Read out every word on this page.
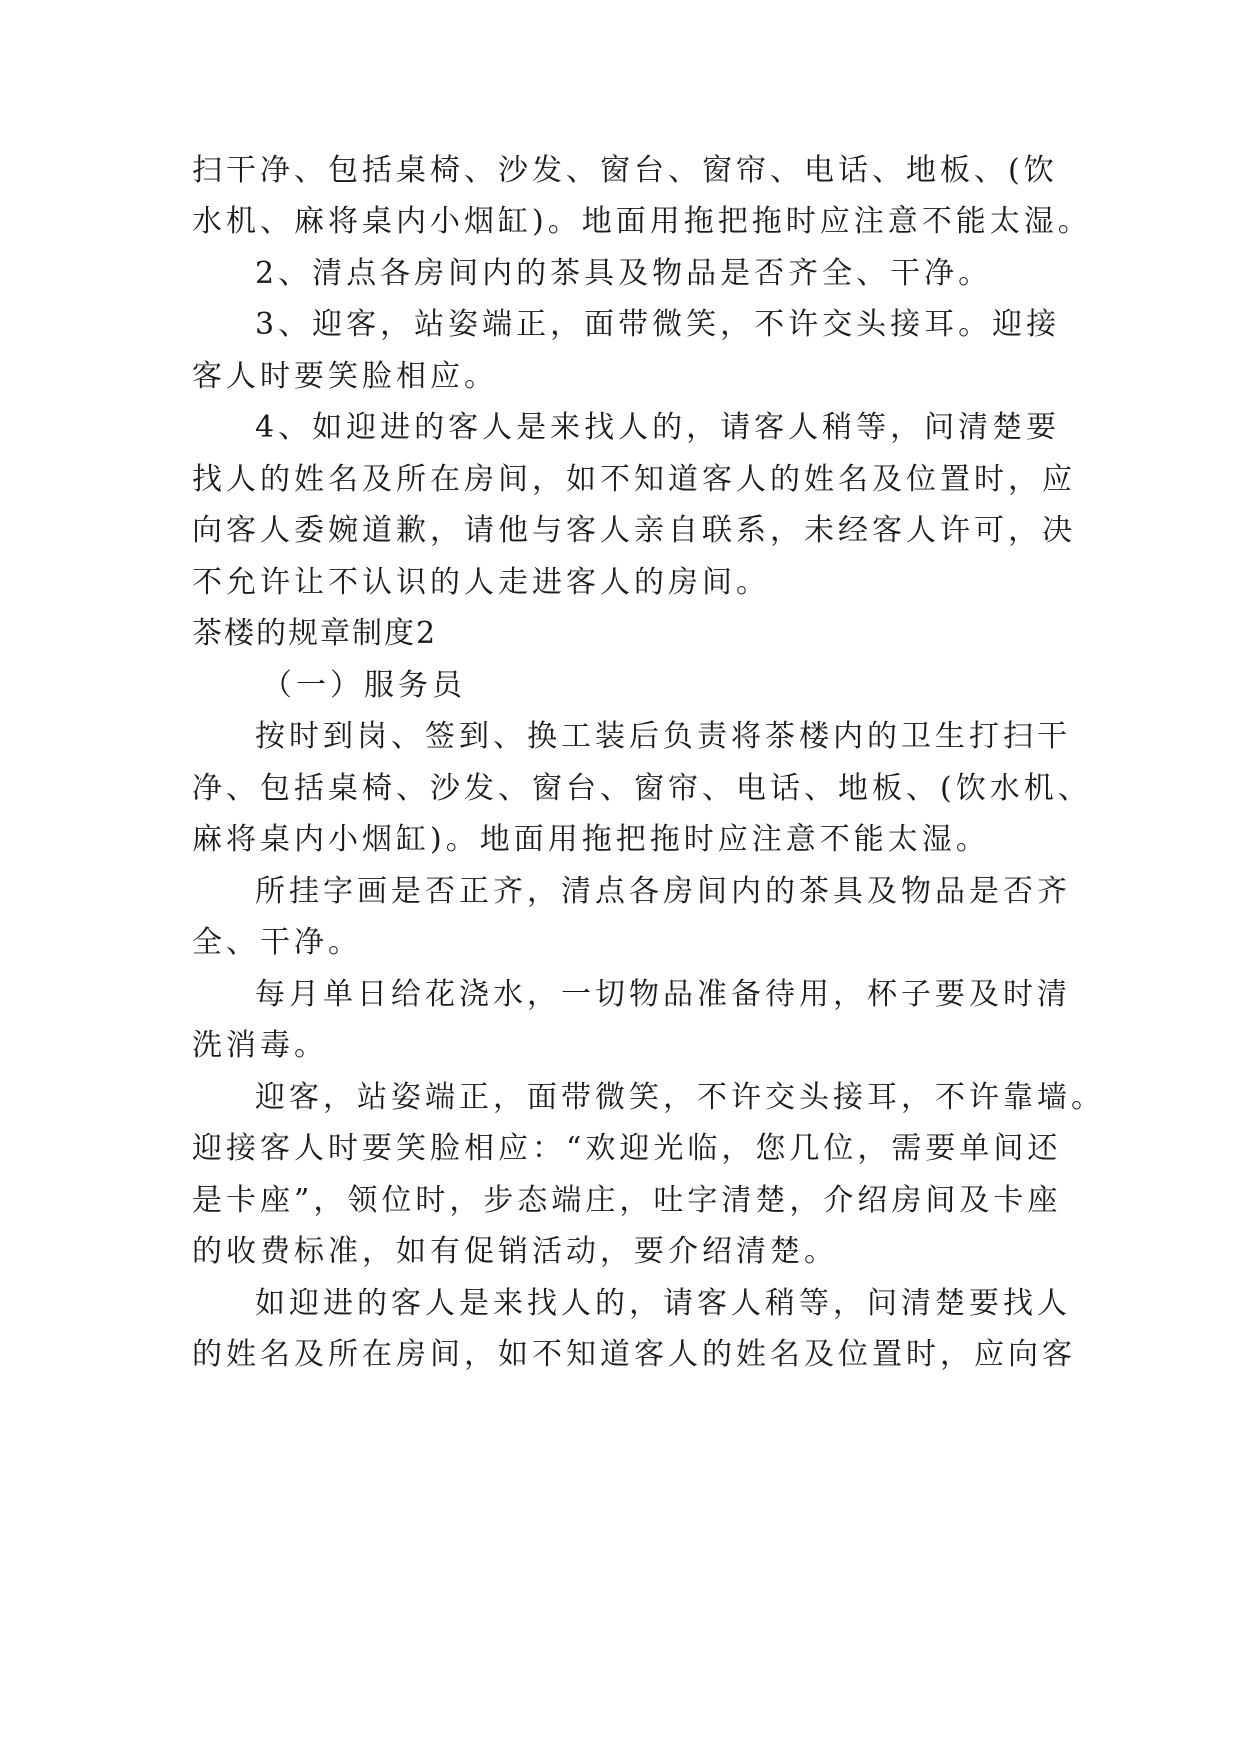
扫干净、包括桌椅、沙发、窗台、窗帘、电话、地板、(饮
水机、麻将桌内小烟缸)。地面用拖把拖时应注意不能太湿。
2、清点各房间内的茶具及物品是否齐全、干净。
3、迎客，站姿端正，面带微笑，不许交头接耳。迎接
客人时要笑脸相应。
4、如迎进的客人是来找人的，请客人稍等，问清楚要
找人的姓名及所在房间，如不知道客人的姓名及位置时，应
向客人委婉道歉，请他与客人亲自联系，未经客人许可，决
不允许让不认识的人走进客人的房间。
茶楼的规章制度2
（一）服务员
按时到岗、签到、换工装后负责将茶楼内的卫生打扫干
净、包括桌椅、沙发、窗台、窗帘、电话、地板、(饮水机、
麻将桌内小烟缸)。地面用拖把拖时应注意不能太湿。
所挂字画是否正齐，清点各房间内的茶具及物品是否齐
全、干净。
每月单日给花浇水，一切物品准备待用，杯子要及时清
洗消毒。
迎客，站姿端正，面带微笑，不许交头接耳，不许靠墙。
迎接客人时要笑脸相应：“欢迎光临，您几位，需要单间还
是卡座”，领位时，步态端庄，吐字清楚，介绍房间及卡座
的收费标准，如有促销活动，要介绍清楚。
如迎进的客人是来找人的，请客人稍等，问清楚要找人
的姓名及所在房间，如不知道客人的姓名及位置时，应向客
